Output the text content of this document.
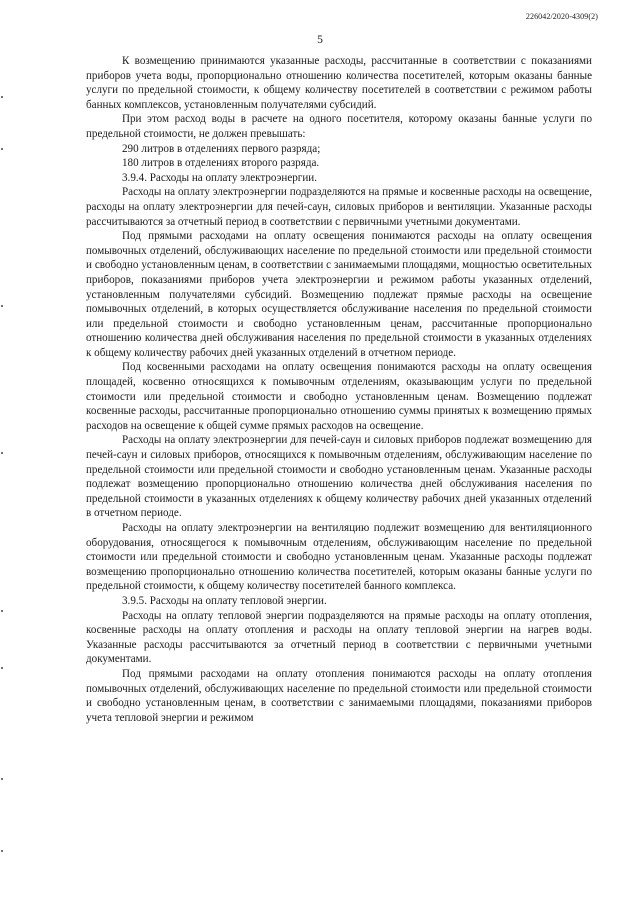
226042/2020-4309(2)
5

К возмещению принимаются указанные расходы, рассчитанные в соответствии с показаниями приборов учета воды, пропорционально отношению количества посетителей, которым оказаны банные услуги по предельной стоимости, к общему количеству посетителей в соответствии с режимом работы банных комплексов, установленным получателями субсидий.

При этом расход воды в расчете на одного посетителя, которому оказаны банные услуги по предельной стоимости, не должен превышать:

290 литров в отделениях первого разряда;

180 литров в отделениях второго разряда.

3.9.4. Расходы на оплату электроэнергии.

Расходы на оплату электроэнергии подразделяются на прямые и косвенные расходы на освещение, расходы на оплату электроэнергии для печей-саун, силовых приборов и вентиляции. Указанные расходы рассчитываются за отчетный период в соответствии с первичными учетными документами.

Под прямыми расходами на оплату освещения понимаются расходы на оплату освещения помывочных отделений, обслуживающих население по предельной стоимости или предельной стоимости и свободно установленным ценам, в соответствии с занимаемыми площадями, мощностью осветительных приборов, показаниями приборов учета электроэнергии и режимом работы указанных отделений, установленным получателями субсидий. Возмещению подлежат прямые расходы на освещение помывочных отделений, в которых осуществляется обслуживание населения по предельной стоимости или предельной стоимости и свободно установленным ценам, рассчитанные пропорционально отношению количества дней обслуживания населения по предельной стоимости в указанных отделениях к общему количеству рабочих дней указанных отделений в отчетном периоде.

Под косвенными расходами на оплату освещения понимаются расходы на оплату освещения площадей, косвенно относящихся к помывочным отделениям, оказывающим услуги по предельной стоимости или предельной стоимости и свободно установленным ценам. Возмещению подлежат косвенные расходы, рассчитанные пропорционально отношению суммы принятых к возмещению прямых расходов на освещение к общей сумме прямых расходов на освещение.

Расходы на оплату электроэнергии для печей-саун и силовых приборов подлежат возмещению для печей-саун и силовых приборов, относящихся к помывочным отделениям, обслуживающим население по предельной стоимости или предельной стоимости и свободно установленным ценам. Указанные расходы подлежат возмещению пропорционально отношению количества дней обслуживания населения по предельной стоимости в указанных отделениях к общему количеству рабочих дней указанных отделений в отчетном периоде.

Расходы на оплату электроэнергии на вентиляцию подлежит возмещению для вентиляционного оборудования, относящегося к помывочным отделениям, обслуживающим население по предельной стоимости или предельной стоимости и свободно установленным ценам. Указанные расходы подлежат возмещению пропорционально отношению количества посетителей, которым оказаны банные услуги по предельной стоимости, к общему количеству посетителей банного комплекса.

3.9.5. Расходы на оплату тепловой энергии.

Расходы на оплату тепловой энергии подразделяются на прямые расходы на оплату отопления, косвенные расходы на оплату отопления и расходы на оплату тепловой энергии на нагрев воды. Указанные расходы рассчитываются за отчетный период в соответствии с первичными учетными документами.

Под прямыми расходами на оплату отопления понимаются расходы на оплату отопления помывочных отделений, обслуживающих население по предельной стоимости или предельной стоимости и свободно установленным ценам, в соответствии с занимаемыми площадями, показаниями приборов учета тепловой энергии и режимом
